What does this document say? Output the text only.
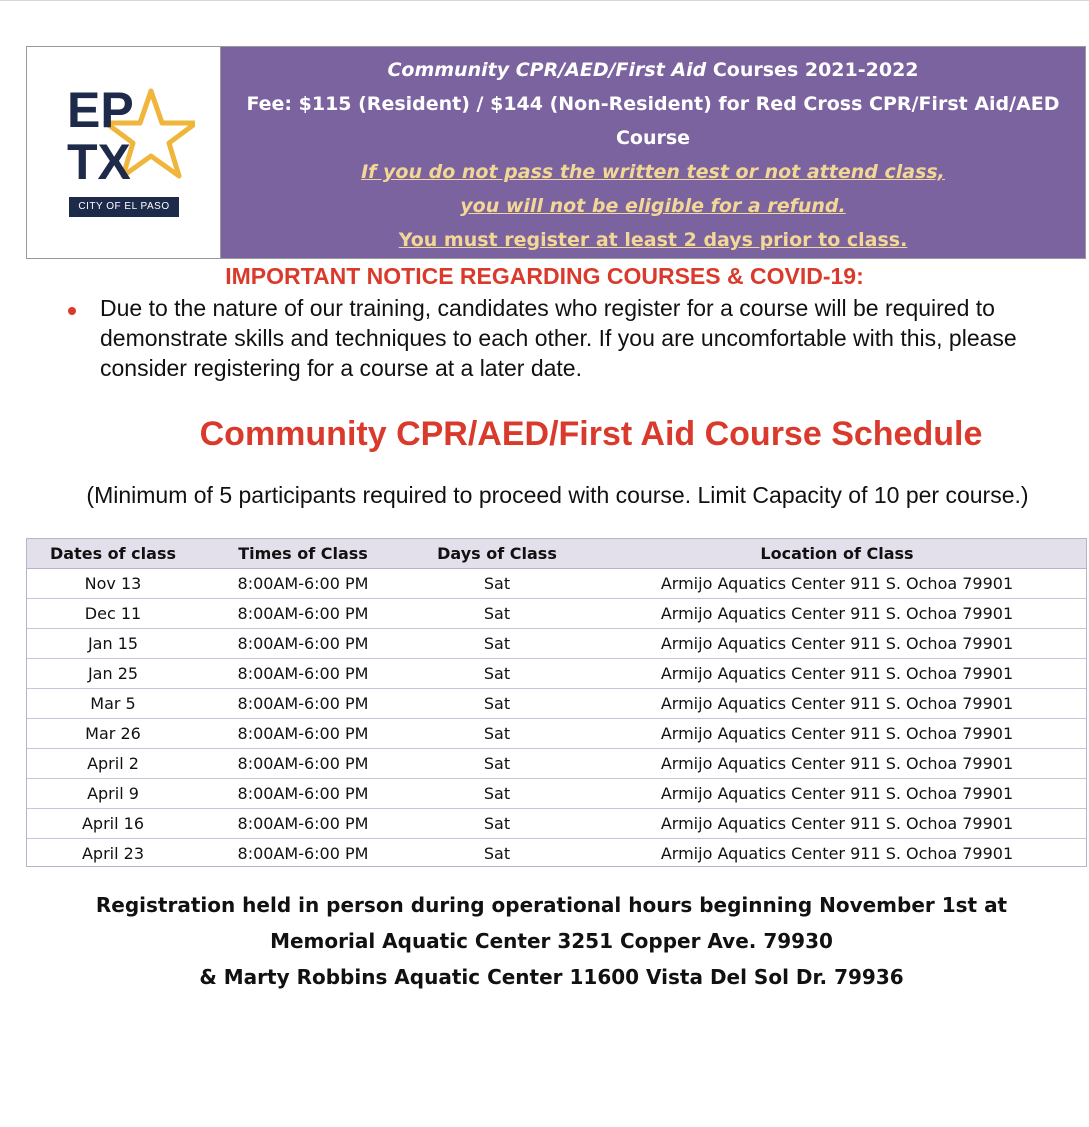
EP
TX
CITY OF EL PASO
Community CPR/AED/First Aid Courses 2021-2022
Fee: $115 (Resident) / $144 (Non-Resident) for Red Cross CPR/First Aid/AED
Course
If you do not pass the written test or not attend class,
you will not be eligible for a refund.
You must register at least 2 days prior to class.
IMPORTANT NOTICE REGARDING COURSES & COVID-19:
Due to the nature of our training, candidates who register for a course will be required to demonstrate skills and techniques to each other. If you are uncomfortable with this, please consider registering for a course at a later date.
Community CPR/AED/First Aid Course Schedule
(Minimum of 5 participants required to proceed with course. Limit Capacity of 10 per course.)
Dates of class	Times of Class	Days of Class	Location of Class
Nov 13	8:00AM-6:00 PM	Sat	Armijo Aquatics Center 911 S. Ochoa 79901
Dec 11	8:00AM-6:00 PM	Sat	Armijo Aquatics Center 911 S. Ochoa 79901
Jan 15	8:00AM-6:00 PM	Sat	Armijo Aquatics Center 911 S. Ochoa 79901
Jan 25	8:00AM-6:00 PM	Sat	Armijo Aquatics Center 911 S. Ochoa 79901
Mar 5	8:00AM-6:00 PM	Sat	Armijo Aquatics Center 911 S. Ochoa 79901
Mar 26	8:00AM-6:00 PM	Sat	Armijo Aquatics Center 911 S. Ochoa 79901
April 2	8:00AM-6:00 PM	Sat	Armijo Aquatics Center 911 S. Ochoa 79901
April 9	8:00AM-6:00 PM	Sat	Armijo Aquatics Center 911 S. Ochoa 79901
April 16	8:00AM-6:00 PM	Sat	Armijo Aquatics Center 911 S. Ochoa 79901
April 23	8:00AM-6:00 PM	Sat	Armijo Aquatics Center 911 S. Ochoa 79901
Registration held in person during operational hours beginning November 1st at
Memorial Aquatic Center 3251 Copper Ave. 79930
& Marty Robbins Aquatic Center 11600 Vista Del Sol Dr. 79936
